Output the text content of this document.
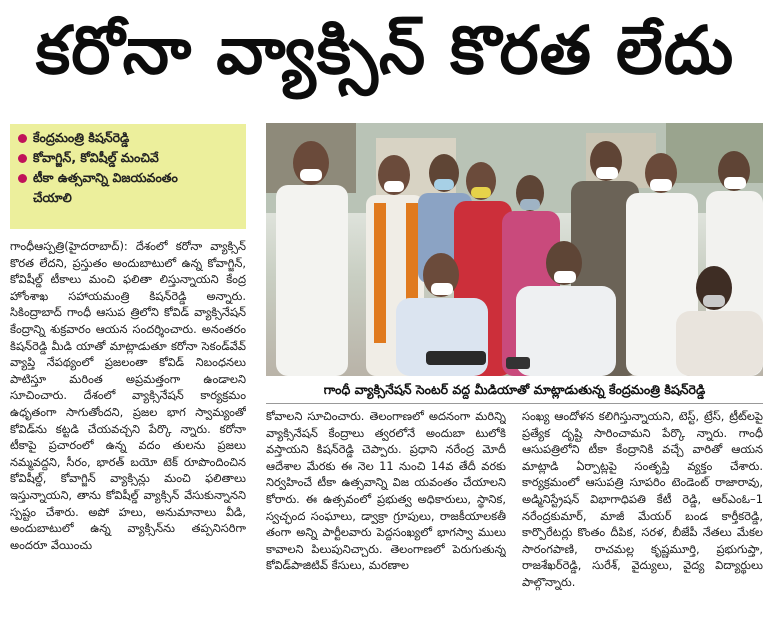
కరోనా వ్యాక్సిన్ కొరత లేదు
కేంద్రమంత్రి కిషన్‌రెడ్డి
కోవాగ్జిన్, కోవిషీల్డ్ మంచివే
టీకా ఉత్సవాన్ని విజయవంతం
చేయాలి

గాంధీఆస్పత్రి(హైదరాబాద్): దేశంలో కరోనా వ్యాక్సిన్ కొరత లేదని, ప్రస్తుతం అందుబాటులో ఉన్న కోవాగ్జిన్, కోవిషీల్డ్ టీకాలు మంచి ఫలితా లిస్తున్నాయని కేంద్ర హోంశాఖ సహాయమంత్రి కిషన్‌రెడ్డి అన్నారు. సికింద్రాబాద్ గాంధీ ఆసుప త్రిలోని కోవిడ్ వ్యాక్సినేషన్ కేంద్రాన్ని శుక్రవారం ఆయన సందర్శించారు. అనంతరం కిషన్‌రెడ్డి మీడి యాతో మాట్లాడుతూ కరోనా సెకండ్‌వేవ్ వ్యాప్తి నేపథ్యంలో ప్రజలంతా కోవిడ్ నిబంధనలు పాటిస్తూ మరింత అప్రమత్తంగా ఉండాలని సూచించారు. దేశంలో వ్యాక్సినేషన్ కార్యక్రమం ఉధృతంగా సాగుతోందని, ప్రజల భాగ స్వామ్యంతో కోవిడ్‌ను కట్టడి చేయవచ్చని పేర్కొ న్నారు. కరోనా టీకాపై ప్రచారంలో ఉన్న వదం తులను ప్రజలు నమ్మవద్దని, సీరం, భారత్ బయో టెక్ రూపొందించిన కోవిషీల్డ్, కోవాగ్జిన్ వ్యాక్సిన్లు మంచి ఫలితాలు ఇస్తున్నాయని, తాను కోవిషీల్డ్ వ్యాక్సిన్ వేసుకున్నానని స్పష్టం చేశారు. అపో హలు, అనుమానాలు వీడి, అందుబాటులో ఉన్న వ్యాక్సిన్‌ను తప్పనిసరిగా అందరూ వేయించు

గాంధీ వ్యాక్సినేషన్ సెంటర్ వద్ద మీడియాతో మాట్లాడుతున్న కేంద్రమంత్రి కిషన్‌రెడ్డి

కోవాలని సూచించారు. తెలంగాణలో అదనంగా మరిన్ని వ్యాక్సినేషన్ కేంద్రాలు త్వరలోనే అందుబా టులోకి వస్తాయని కిషన్‌రెడ్డి చెప్పారు. ప్రధాని నరేంద్ర మోదీ ఆదేశాల మేరకు ఈ నెల 11 నుంచి 14వ తేదీ వరకు నిర్వహించే టీకా ఉత్సవాన్ని విజ యవంతం చేయాలని కోరారు. ఈ ఉత్సవంలో ప్రభుత్వ అధికారులు, స్థానిక, స్వచ్ఛంద సంఘాలు, డ్వాక్రా గ్రూపులు, రాజకీయాలకతీ తంగా అన్ని పార్టీలవారు పెద్దసంఖ్యలో భాగస్వా ములు కావాలని పిలుపునిచ్చారు. తెలంగాణలో పెరుగుతున్న కోవిడ్‌పాజిటివ్ కేసులు, మరణాల

సంఖ్య ఆందోళన కలిగిస్తున్నాయని, టెస్ట్, ట్రేస్, ట్రీట్‌లపై ప్రత్యేక దృష్టి సారించామని పేర్కొ న్నారు. గాంధీ ఆసుపత్రిలోని టీకా కేంద్రానికి వచ్చే వారితో ఆయన మాట్లాడి ఏర్పాట్లపై సంతృప్తి వ్యక్తం చేశారు. కార్యక్రమంలో ఆసుపత్రి సూపరిం టెండెంట్ రాజారావు, అడ్మినిస్ట్రేషన్ విభాగాధిపతి కేటీ రెడ్డి, ఆర్ఎంఓ–1 నరేంద్రకుమార్, మాజీ మేయర్ బండ కార్తీకరెడ్డి, కార్పొరేటర్లు కొంతం దీపిక, సరళ, బీజేపీ నేతలు మేకల సారంగపాణి, రాచమల్ల కృష్ణమూర్తి, ప్రభుగుప్తా, రాజశేఖర్‌రెడ్డి, సురేశ్, వైద్యులు, వైద్య విద్యార్థులు పాల్గొన్నారు.
